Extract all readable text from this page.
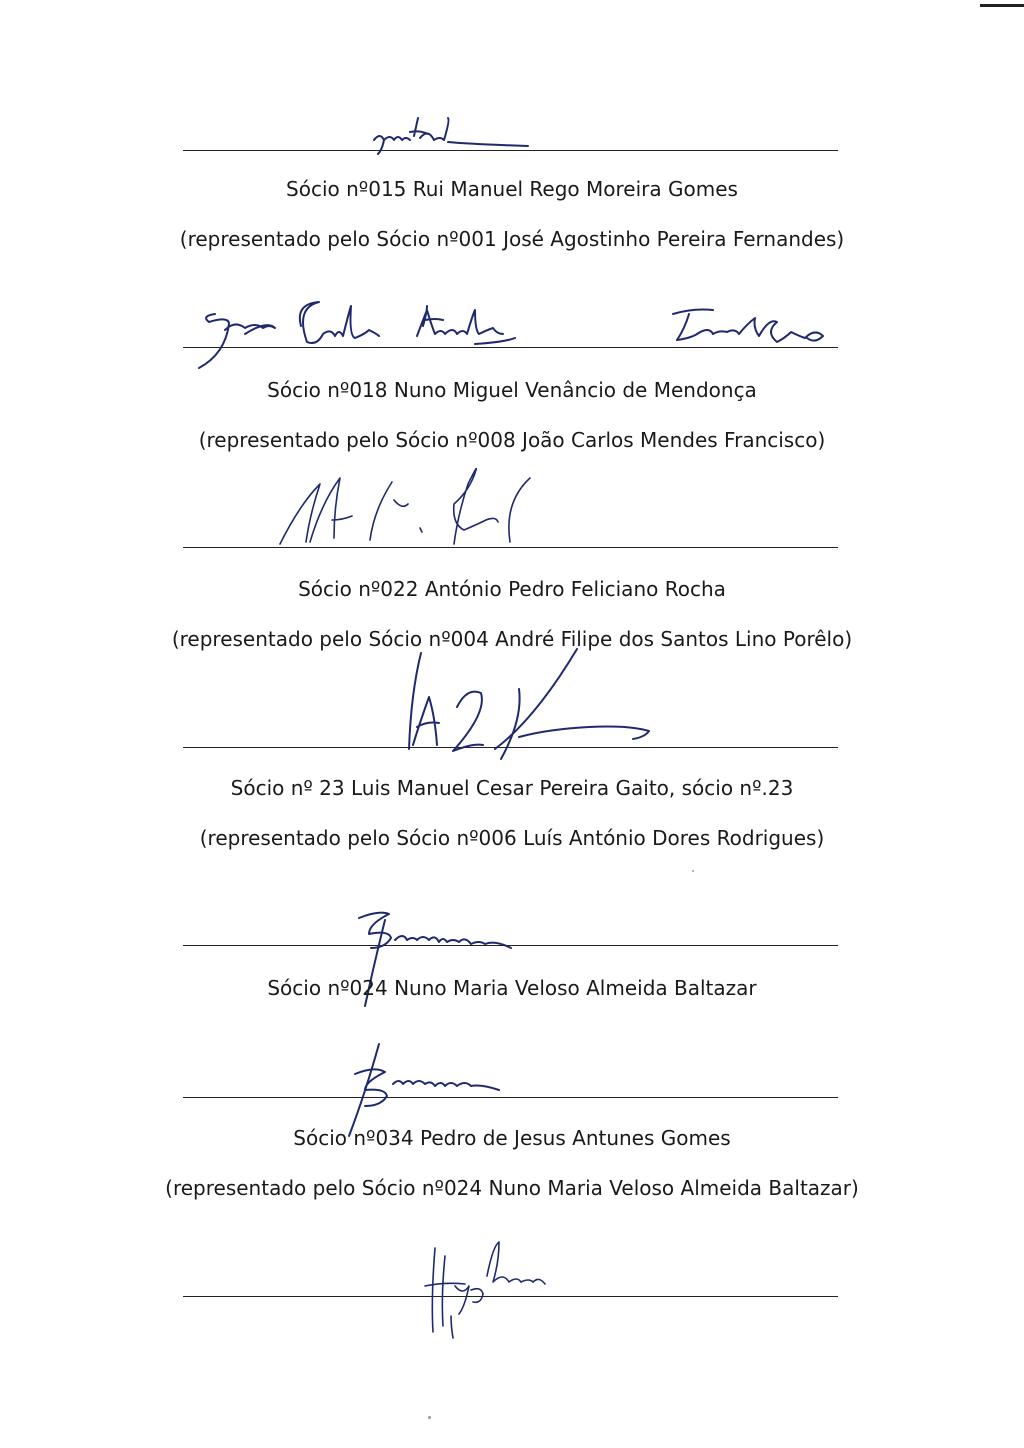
Sócio nº015 Rui Manuel Rego Moreira Gomes
(representado pelo Sócio nº001 José Agostinho Pereira Fernandes)
Sócio nº018 Nuno Miguel Venâncio de Mendonça
(representado pelo Sócio nº008 João Carlos Mendes Francisco)
Sócio nº022 António Pedro Feliciano Rocha
(representado pelo Sócio nº004 André Filipe dos Santos Lino Porêlo)
Sócio nº 23 Luis Manuel Cesar Pereira Gaito, sócio nº.23
(representado pelo Sócio nº006 Luís António Dores Rodrigues)
Sócio nº024 Nuno Maria Veloso Almeida Baltazar
Sócio nº034 Pedro de Jesus Antunes Gomes
(representado pelo Sócio nº024 Nuno Maria Veloso Almeida Baltazar)
